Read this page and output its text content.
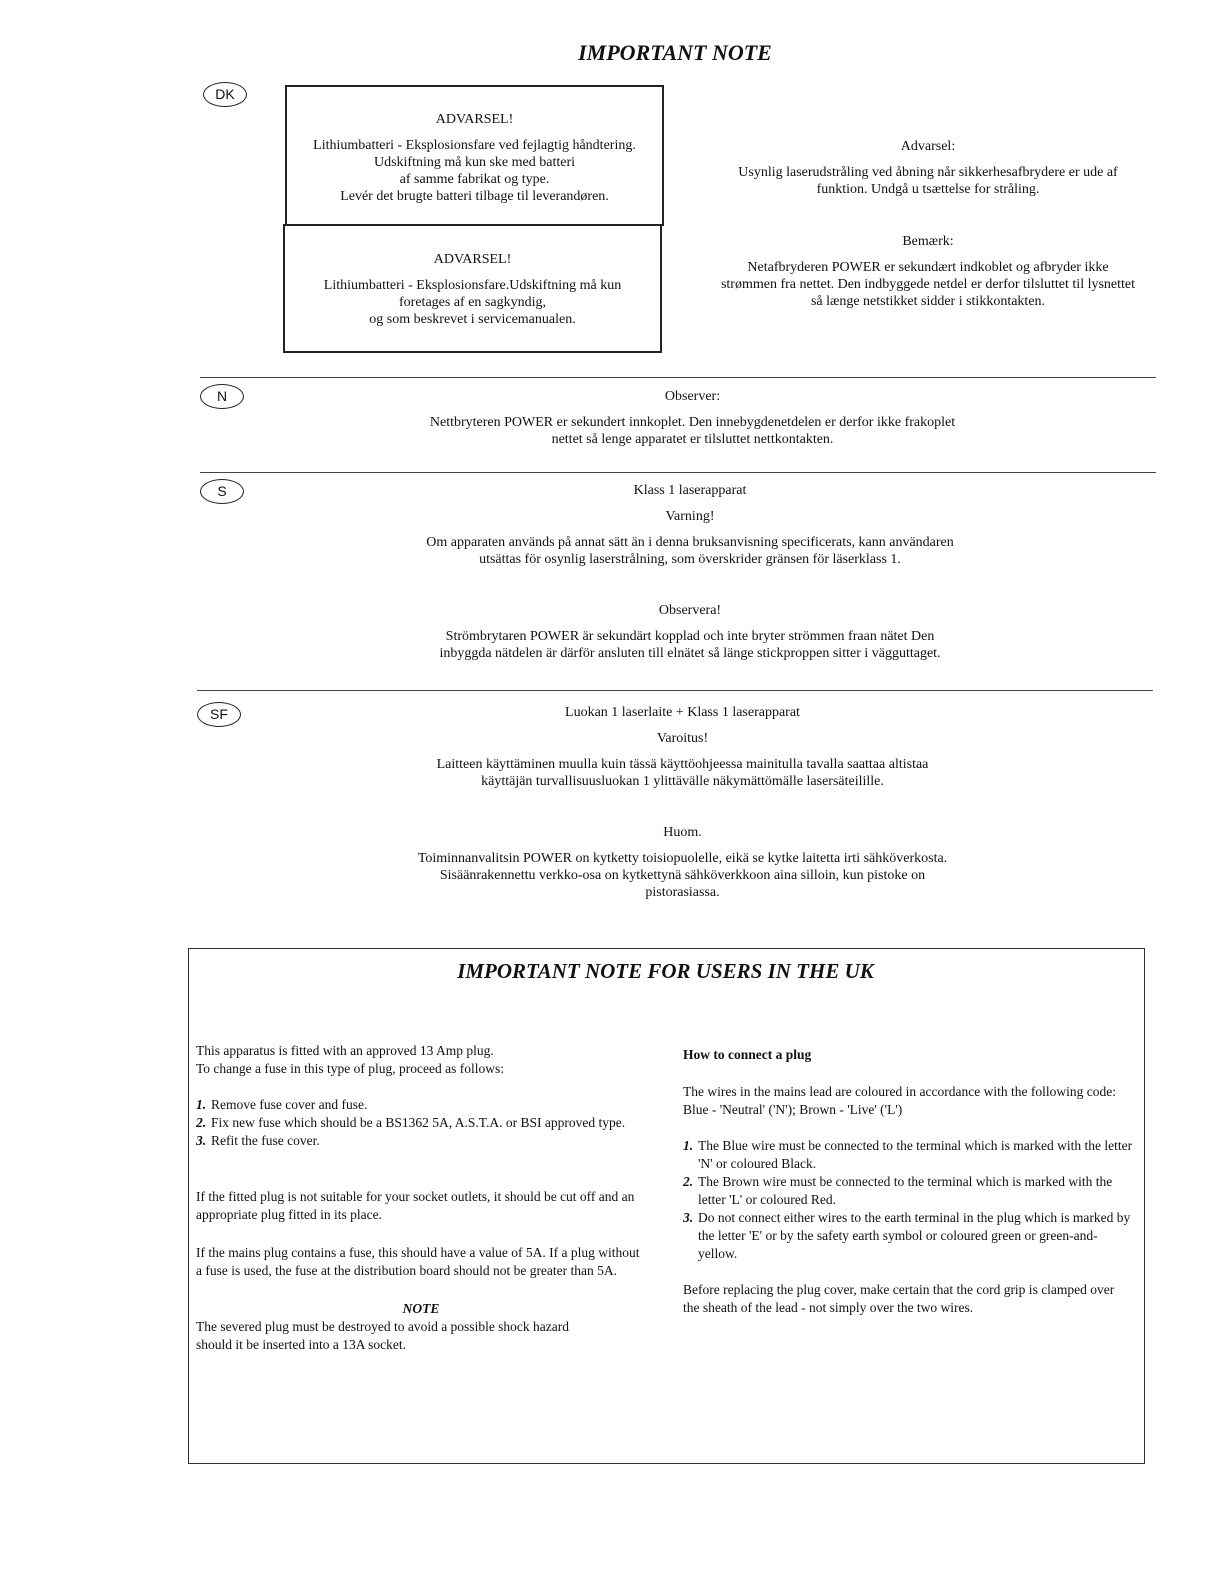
IMPORTANT NOTE
DK
ADVARSEL!
Lithiumbatteri - Eksplosionsfare ved fejlagtig håndtering.
Udskiftning må kun ske med batteri
af samme fabrikat og type.
Levér det brugte batteri tilbage til leverandøren.
ADVARSEL!
Lithiumbatteri - Eksplosionsfare.Udskiftning må kun
foretages af en sagkyndig,
og som beskrevet i servicemanualen.
Advarsel:
Usynlig laserudstråling ved åbning når sikkerhesafbrydere er ude af
funktion. Undgå u tsættelse for stråling.
Bemærk:
Netafbryderen POWER er sekundært indkoblet og afbryder ikke
strømmen fra nettet. Den indbyggede netdel er derfor tilsluttet til lysnettet
så længe netstikket sidder i stikkontakten.
N	Observer:
Nettbryteren POWER er sekundert innkoplet. Den innebygdenetdelen er derfor ikke frakoplet
nettet så lenge apparatet er tilsluttet nettkontakten.
S	Klass 1 laserapparat
Varning!
Om apparaten används på annat sätt än i denna bruksanvisning specificerats, kann användaren
utsättas för osynlig laserstrålning, som överskrider gränsen för läserklass 1.
Observera!
Strömbrytaren POWER är sekundärt kopplad och inte bryter strömmen fraan nätet Den
inbyggda nätdelen är därför ansluten till elnätet så länge stickproppen sitter i vägguttaget.
SF	Luokan 1 laserlaite + Klass 1 laserapparat
Varoitus!
Laitteen käyttäminen muulla kuin tässä käyttöohjeessa mainitulla tavalla saattaa altistaa
käyttäjän turvallisuusluokan 1 ylittävälle näkymättömälle lasersäteilille.
Huom.
Toiminnanvalitsin POWER on kytketty toisiopuolelle, eikä se kytke laitetta irti sähköverkosta.
Sisäänrakennettu verkko-osa on kytkettynä sähköverkkoon aina silloin, kun pistoke on
pistorasiassa.
IMPORTANT NOTE FOR USERS IN THE UK

This apparatus is fitted with an approved 13 Amp plug.

To change a fuse in this type of plug, proceed as follows:

1. Remove fuse cover and fuse.
2. Fix new fuse which should be a BS1362 5A, A.S.T.A. or BSI approved type.
3. Refit the fuse cover.

If the fitted plug is not suitable for your socket outlets, it should be cut off and an appropriate plug fitted in its place.

If the mains plug contains a fuse, this should have a value of 5A. If a plug without a fuse is used, the fuse at the distribution board should not be greater than 5A.

NOTE

The severed plug must be destroyed to avoid a possible shock hazard should it be inserted into a 13A socket.

How to connect a plug

The wires in the mains lead are coloured in accordance with the following code:

Blue - 'Neutral' ('N'); Brown - 'Live' ('L')

1. The Blue wire must be connected to the terminal which is marked with the letter 'N' or coloured Black.
2. The Brown wire must be connected to the terminal which is marked with the letter 'L' or coloured Red.
3. Do not connect either wires to the earth terminal in the plug which is marked by the letter 'E' or by the safety earth symbol or coloured green or green-and-yellow.

Before replacing the plug cover, make certain that the cord grip is clamped over the sheath of the lead - not simply over the two wires.
